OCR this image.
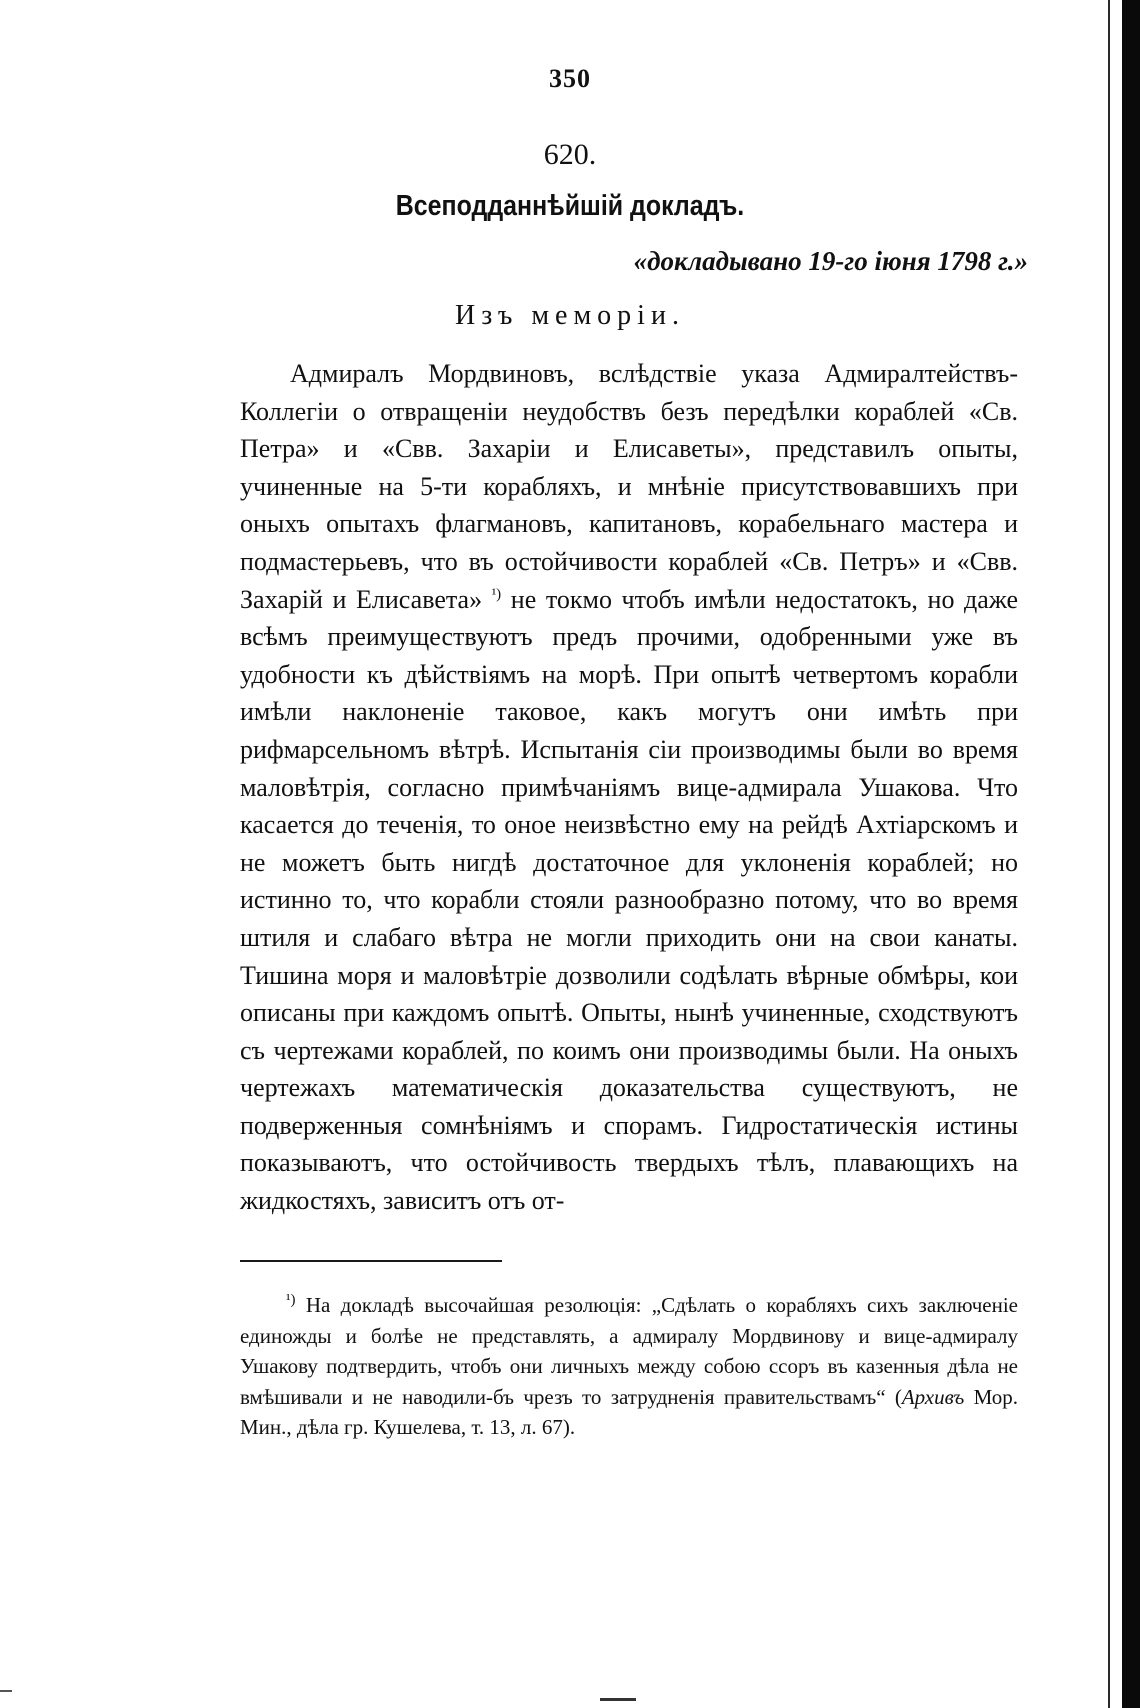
350
620.
Всеподданнѣйшій докладъ.
«докладывано 19-го іюня 1798 г.»
Изъ меморіи.

Адмиралъ Мордвиновъ, вслѣдствіе указа Адмиралтействъ-Коллегіи о отвращеніи неудобствъ безъ передѣлки кораблей «Св. Петра» и «Свв. Захаріи и Елисаветы», представилъ опыты, учиненные на 5-ти корабляхъ, и мнѣніе присутствовавшихъ при оныхъ опытахъ флагмановъ, капитановъ, корабельнаго мастера и подмастерьевъ, что въ остойчивости кораблей «Св. Петръ» и «Свв. Захарій и Елисавета» $^{^1)}$ не токмо чтобъ имѣли недостатокъ, но даже всѣмъ преимуществуютъ предъ прочими, одобренными уже въ удобности къ дѣйствіямъ на морѣ. При опытѣ четвертомъ корабли имѣли наклоненіе таковое, какъ могутъ они имѣть при рифмарсельномъ вѣтрѣ. Испытанія сіи производимы были во время маловѣтрія, согласно примѣчаніямъ вице-адмирала Ушакова. Что касается до теченія, то оное неизвѣстно ему на рейдѣ Ахтіарскомъ и не можетъ быть нигдѣ достаточное для уклоненія кораблей; но истинно то, что корабли стояли разнообразно потому, что во время штиля и слабаго вѣтра не могли приходить они на свои канаты. Тишина моря и маловѣтріе дозволили содѣлать вѣрные обмѣры, кои описаны при каждомъ опытѣ. Опыты, нынѣ учиненные, сходствуютъ съ чертежами кораблей, по коимъ они производимы были. На оныхъ чертежахъ математическія доказательства существуютъ, не подверженныя сомнѣніямъ и спорамъ. Гидростатическія истины показываютъ, что остойчивость твердыхъ тѣлъ, плавающихъ на жидкостяхъ, зависитъ отъ от-

$^{^1)}$ На докладѣ высочайшая резолюція: „Сдѣлать о корабляхъ сихъ заключеніе единожды и болѣе не представлять, а адмиралу Мордвинову и вице-адмиралу Ушакову подтвердить, чтобъ они личныхъ между собою ссоръ въ казенныя дѣла не вмѣшивали и не наводили-бъ чрезъ то затрудненія правительствамъ“ (Архивъ Мор. Мин., дѣла гр. Кушелева, т. 13, л. 67).
